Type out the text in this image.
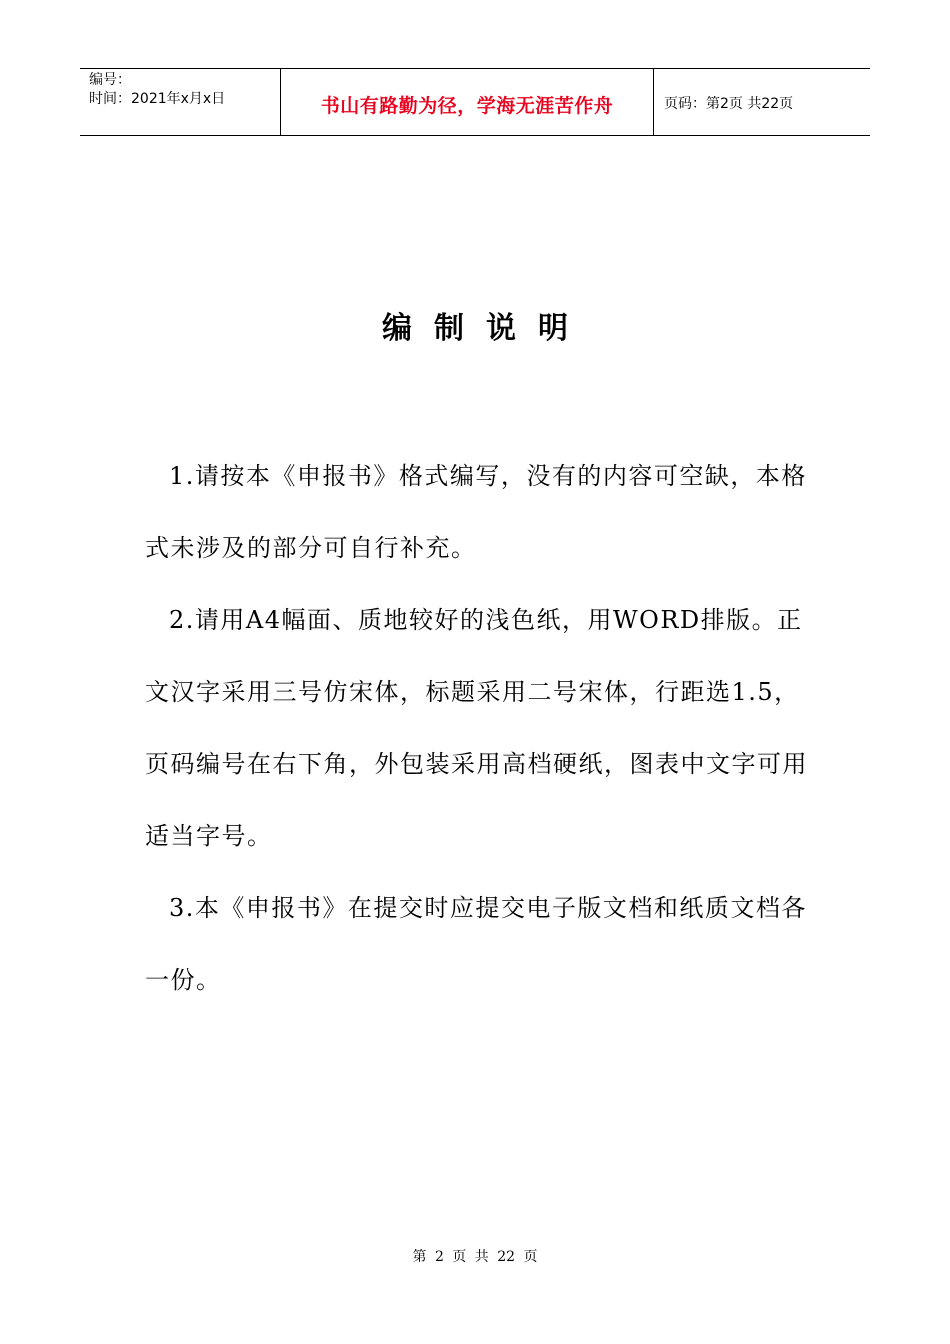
编号：
时间：2021年x月x日	书山有路勤为径，学海无涯苦作舟	页码：第2页 共22页
编制说明

1.请按本《申报书》格式编写，没有的内容可空缺，本格式未涉及的部分可自行补充。

2.请用A4幅面、质地较好的浅色纸，用WORD排版。正文汉字采用三号仿宋体，标题采用二号宋体，行距选1.5，页码编号在右下角，外包装采用高档硬纸，图表中文字可用适当字号。

3.本《申报书》在提交时应提交电子版文档和纸质文档各一份。

第 2 页 共 22 页
